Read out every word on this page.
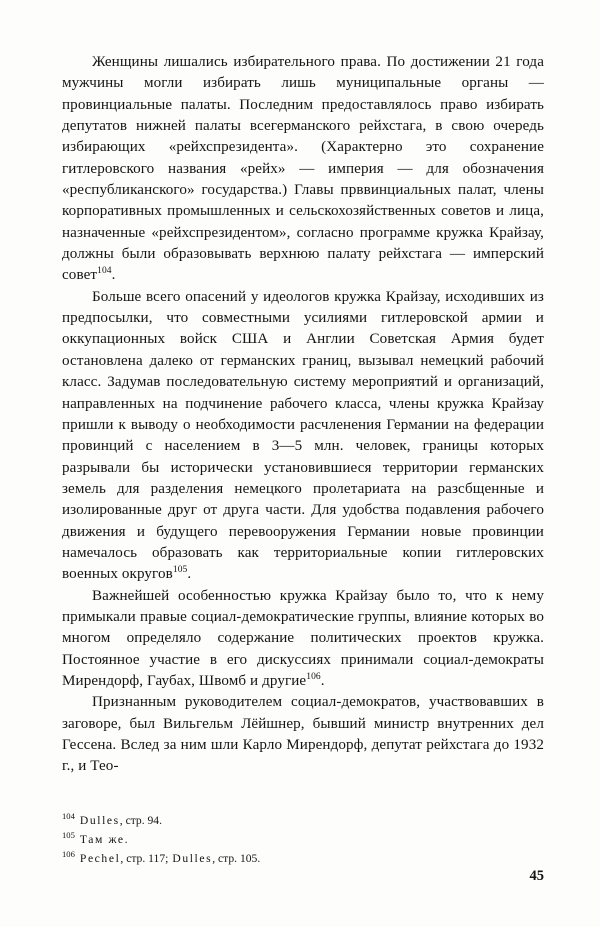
Женщины лишались избирательного права. По достижении 21 года мужчины могли избирать лишь муниципальные органы — провинциальные палаты. Последним предоставлялось право избирать депутатов нижней палаты всегерманского рейхстага, в свою очередь избирающих «рейхспрезидента». (Характерно это сохранение гитлеровского названия «рейх» — империя — для обозначения «республиканского» государства.) Главы прввинциальных палат, члены корпоративных промышленных и сельскохозяйственных советов и лица, назначенные «рейхспрезидентом», согласно программе кружка Крайзау, должны были образовывать верхнюю палату рейхстага — имперский совет$^{104}$.

Больше всего опасений у идеологов кружка Крайзау, исходивших из предпосылки, что совместными усилиями гитлеровской армии и оккупационных войск США и Англии Советская Армия будет остановлена далеко от германских границ, вызывал немецкий рабочий класс. Задумав последовательную систему мероприятий и организаций, направленных на подчинение рабочего класса, члены кружка Крайзау пришли к выводу о необходимости расчленения Германии на федерации провинций с населением в 3—5 млн. человек, границы которых разрывали бы исторически установившиеся территории германских земель для разделения немецкого пролетариата на разсбщенные и изолированные друг от друга части. Для удобства подавления рабочего движения и будущего перевооружения Германии новые провинции намечалось образовать как территориальные копии гитлеровских военных округов$^{105}$.

Важнейшей особенностью кружка Крайзау было то, что к нему примыкали правые социал-демократические группы, влияние которых во многом определяло содержание политических проектов кружка. Постоянное участие в его дискуссиях принимали социал-демократы Мирендорф, Гаубах, Швомб и другие$^{106}$.

Признанным руководителем социал-демократов, участвовавших в заговоре, был Вильгельм Лёйшнер, бывший министр внутренних дел Гессена. Вслед за ним шли Карло Мирендорф, депутат рейхстага до 1932 г., и Тео-

$^{104}$ Dulles, стр. 94.
$^{105}$ Там же.
$^{106}$ Pechel, стр. 117; Dulles, стр. 105.
45
